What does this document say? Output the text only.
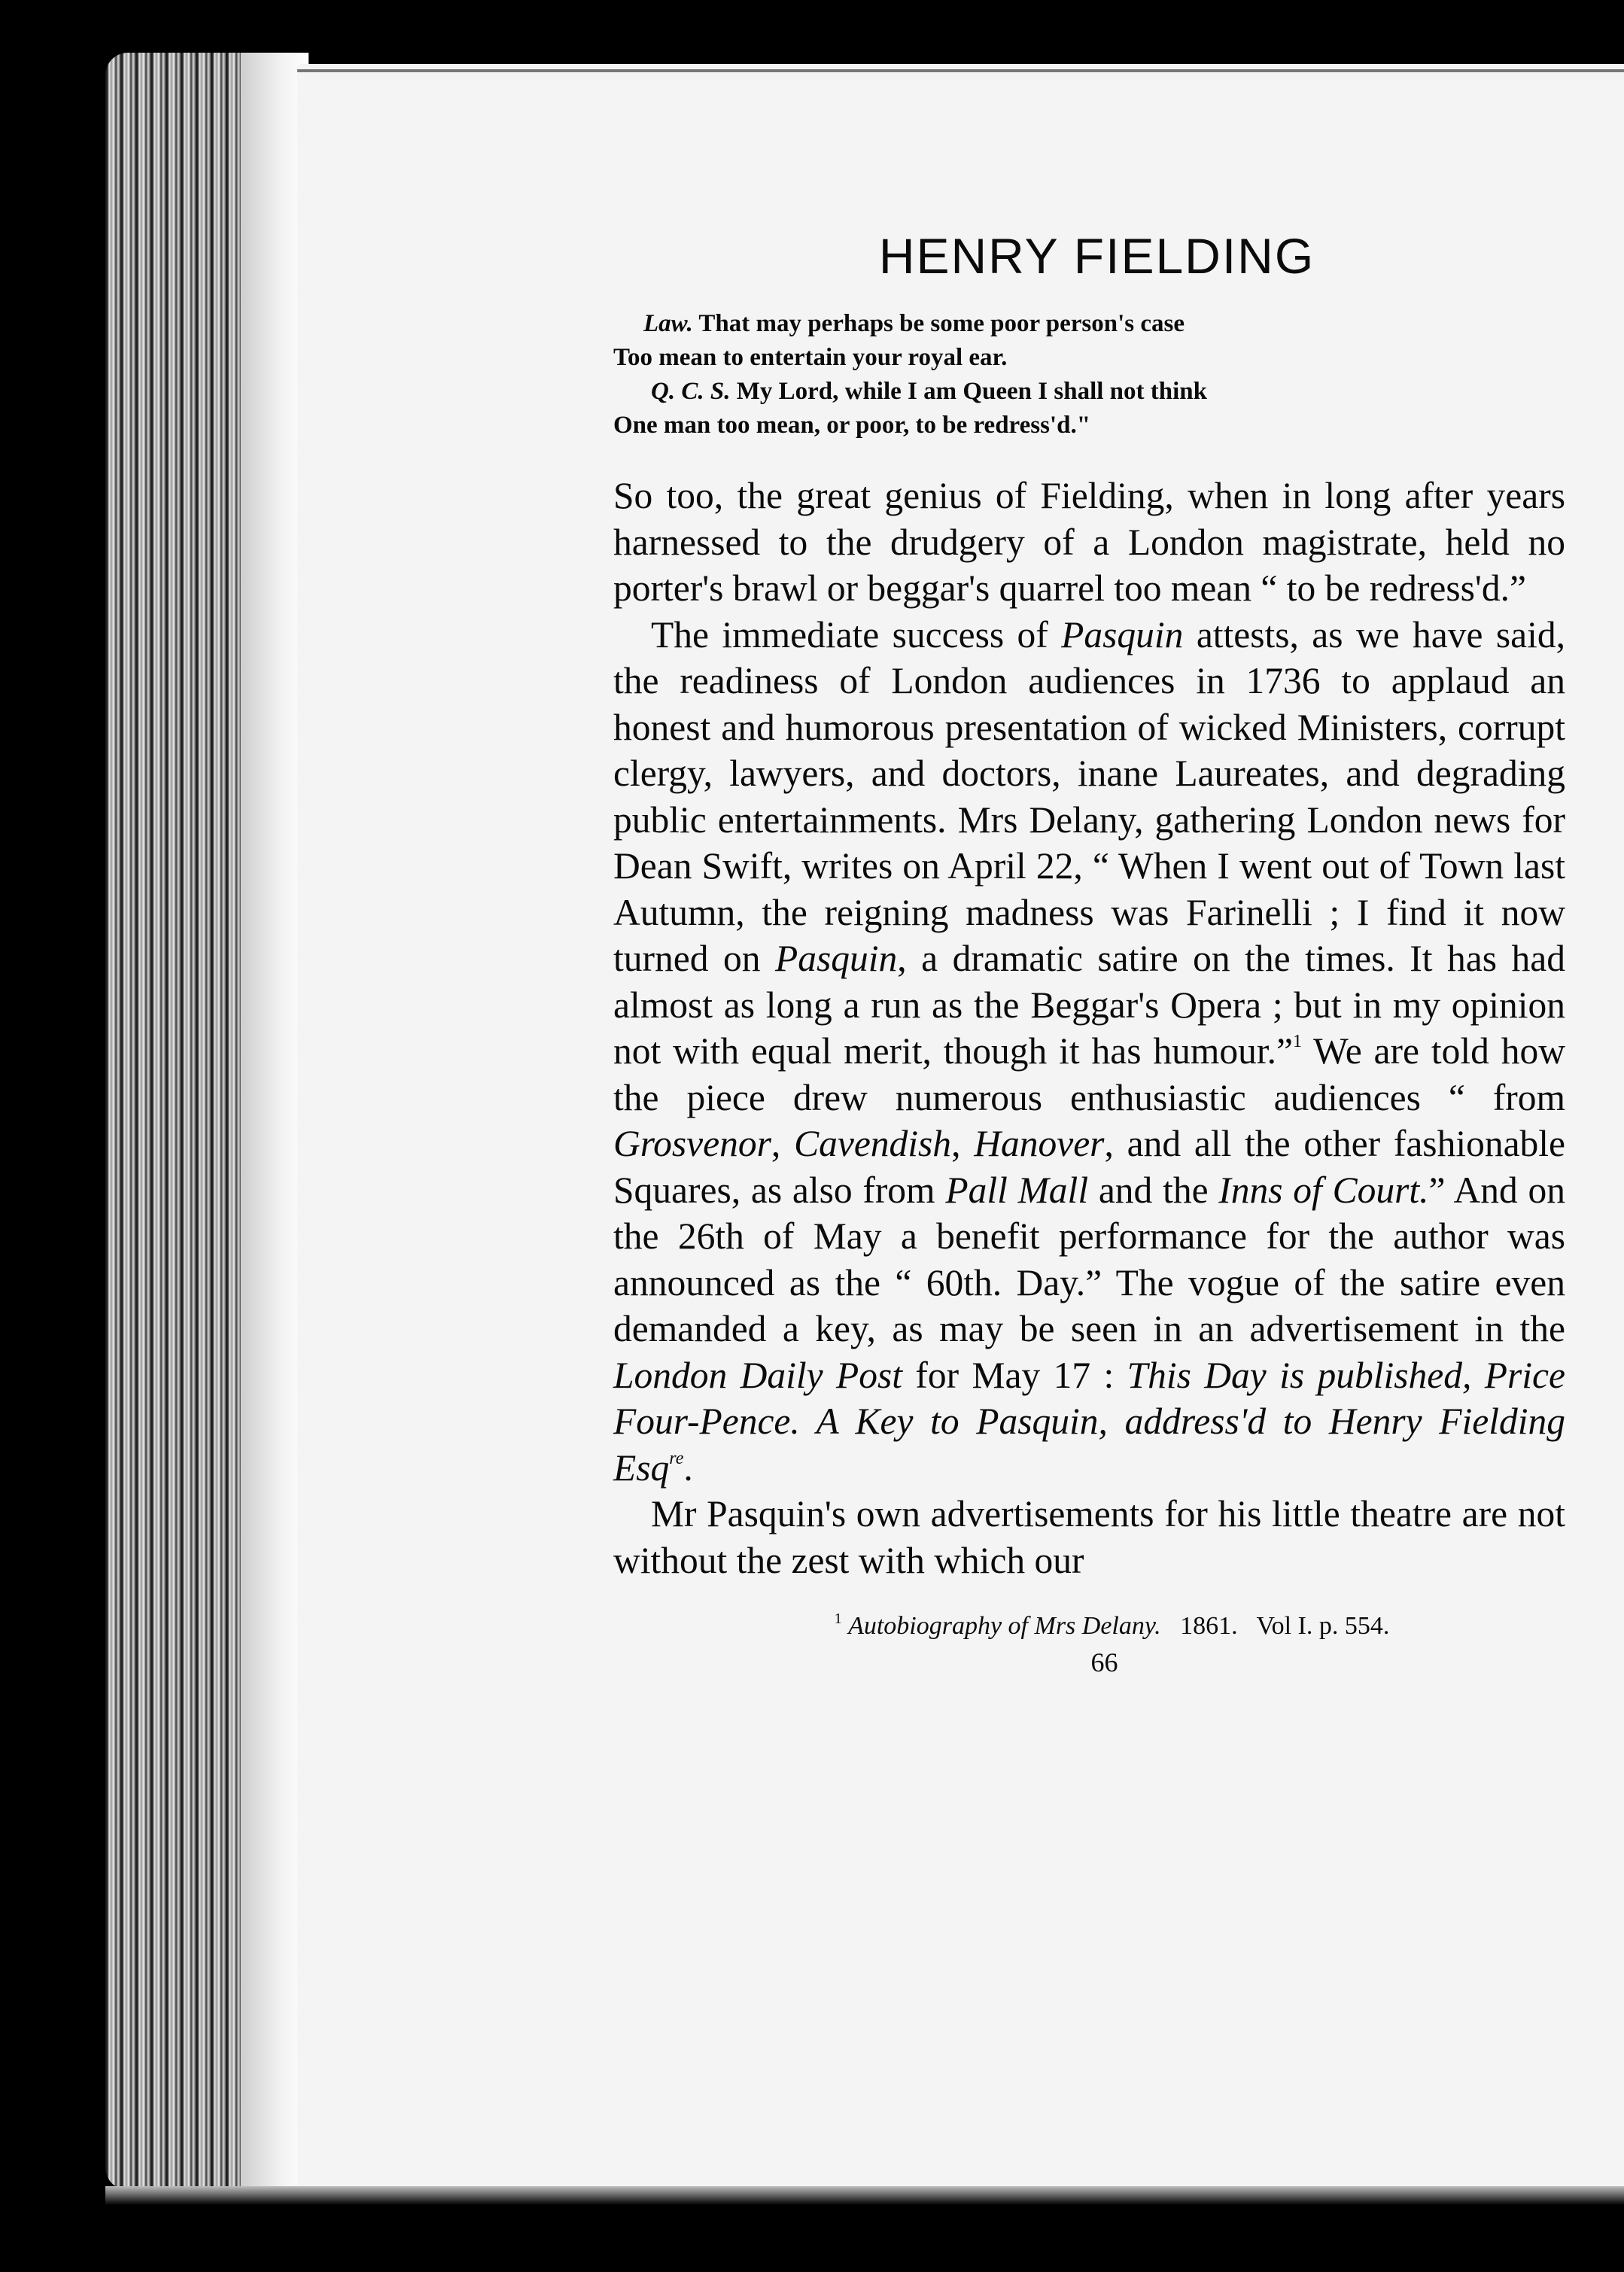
HENRY FIELDING
Law. That may perhaps be some poor person's case
Too mean to entertain your royal ear.
Q. C. S. My Lord, while I am Queen I shall not think
One man too mean, or poor, to be redress'd."

So too, the great genius of Fielding, when in long after years harnessed to the drudgery of a London magistrate, held no porter's brawl or beggar's quarrel too mean “ to be redress'd.”

The immediate success of Pasquin attests, as we have said, the readiness of London audiences in 1736 to applaud an honest and humorous presentation of wicked Ministers, corrupt clergy, lawyers, and doctors, inane Laureates, and degrading public entertainments. Mrs Delany, gathering London news for Dean Swift, writes on April 22, “ When I went out of Town last Autumn, the reigning madness was Farinelli ; I find it now turned on Pasquin, a dramatic satire on the times. It has had almost as long a run as the Beggar's Opera ; but in my opinion not with equal merit, though it has humour.”$^1$ We are told how the piece drew numerous enthusiastic audiences “ from Grosvenor, Cavendish, Hanover, and all the other fashionable Squares, as also from Pall Mall and the Inns of Court.” And on the 26th of May a benefit performance for the author was announced as the “ 60th. Day.” The vogue of the satire even demanded a key, as may be seen in an advertisement in the London Daily Post for May 17 : This Day is published, Price Four-Pence. A Key to Pasquin, address'd to Henry Fielding Esq$^{re}$.

Mr Pasquin's own advertisements for his little theatre are not without the zest with which our

$^1$ Autobiography of Mrs Delany. 1861. Vol I. p. 554.
66
